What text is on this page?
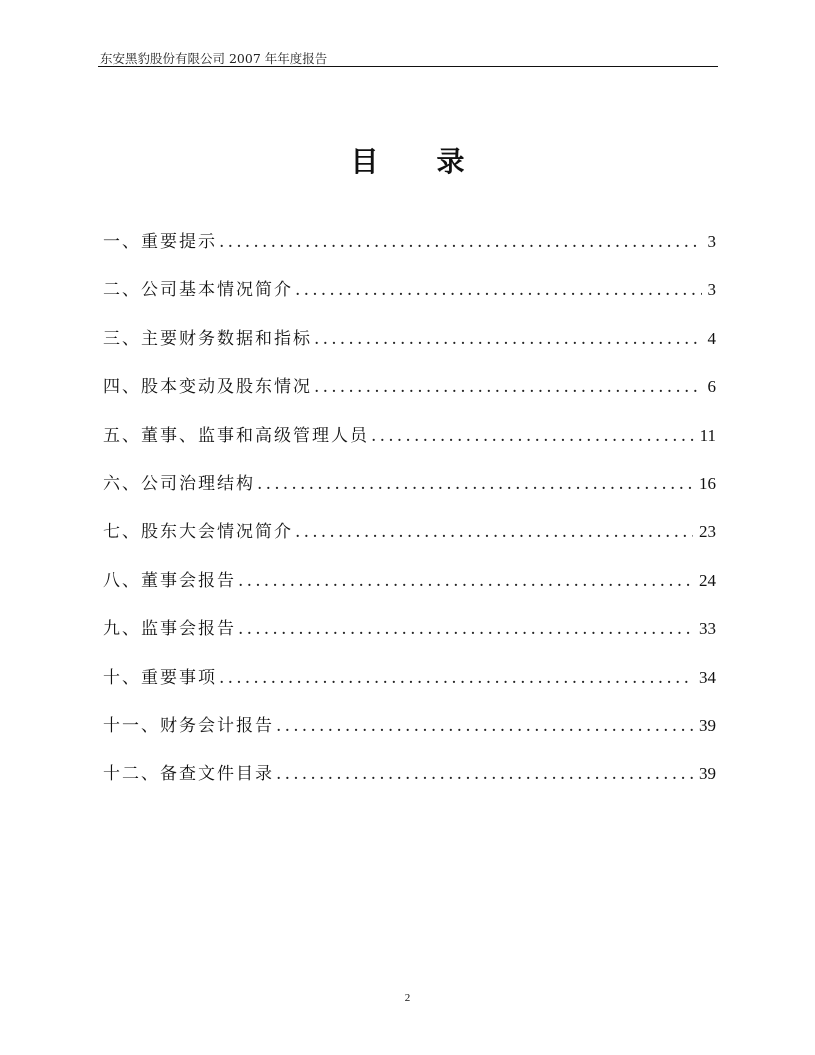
东安黑豹股份有限公司 2007 年年度报告
目 录
一、重要提示 .....	3
二、公司基本情况简介 .....	3
三、主要财务数据和指标 .....	4
四、股本变动及股东情况 .....	6
五、董事、监事和高级管理人员 .....	11
六、公司治理结构 .....	16
七、股东大会情况简介 .....	23
八、董事会报告 .....	24
九、监事会报告 .....	33
十、重要事项 .....	34
十一、财务会计报告 .....	39
十二、备查文件目录 .....	39
2
